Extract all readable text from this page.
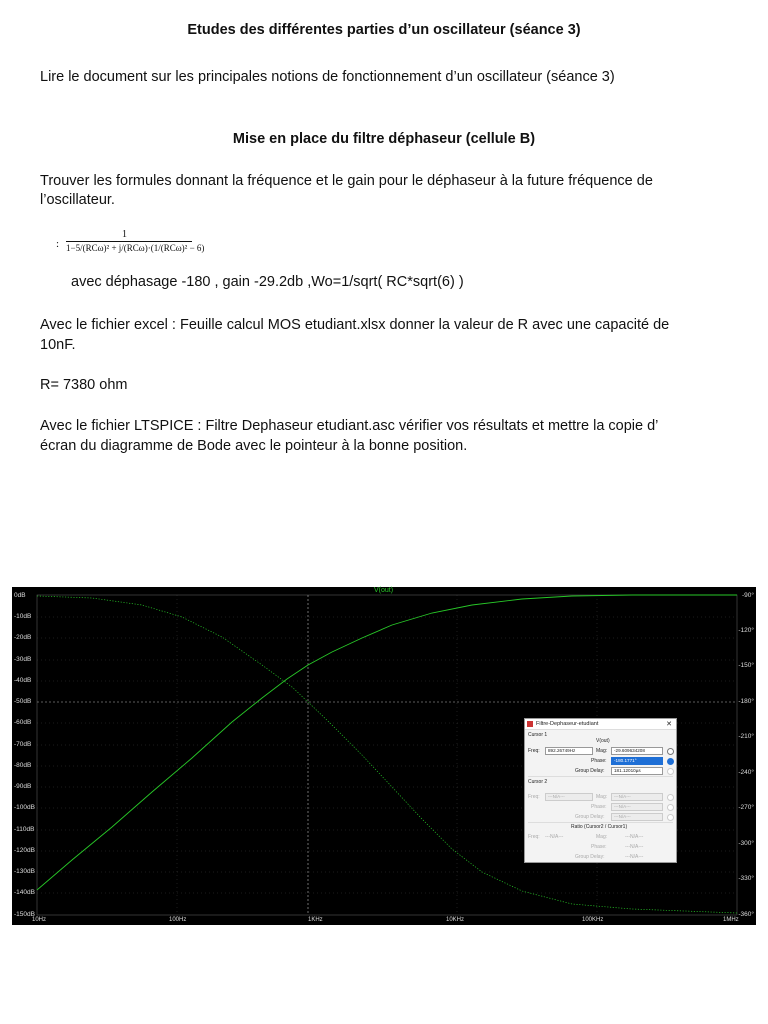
Etudes des différentes parties d’un oscillateur (séance 3)
Lire le document sur les principales notions de fonctionnement d’un oscillateur (séance 3)
Mise en place du filtre déphaseur (cellule B)
Trouver les formules donnant la fréquence et le gain pour le déphaseur à la future fréquence de
l’oscillateur.
:
1
1−5/(RCω)² + j/(RCω)·(1/(RCω)² − 6)
avec déphasage -180 , gain -29.2db ,Wo=1/sqrt( RC*sqrt(6) )
Avec le fichier excel : Feuille calcul MOS etudiant.xlsx donner la valeur de R avec une capacité de
10nF.
R= 7380 ohm
Avec le fichier LTSPICE : Filtre Dephaseur etudiant.asc vérifier vos résultats et mettre la copie d’
écran du diagramme de Bode avec le pointeur à la bonne position.
V(out)
0dB
-10dB
-20dB
-30dB
-40dB
-50dB
-60dB
-70dB
-80dB
-90dB
-100dB
-110dB
-120dB
-130dB
-140dB
-150dB
-90°
-120°
-150°
-180°
-210°
-240°
-270°
-300°
-330°
-360°
10Hz	100Hz	1KHz	10KHz	100KHz	1MHz
Filtre-Dephaseur-etudiant	✕
Cursor 1
V(out)
Freq:	892.26749Hz	Mag:	-29.609634208
Phase:	-180.1771°
Group Delay:	181.12010µs
Cursor 2
Freq:	---N/A---	Mag:	---N/A---
Phase:	---N/A---
Group Delay:	---N/A---
Ratio (Cursor2 / Cursor1)
Freq: ---N/A---	Mag:	---N/A---
Phase:	---N/A---
Group Delay:	---N/A---
